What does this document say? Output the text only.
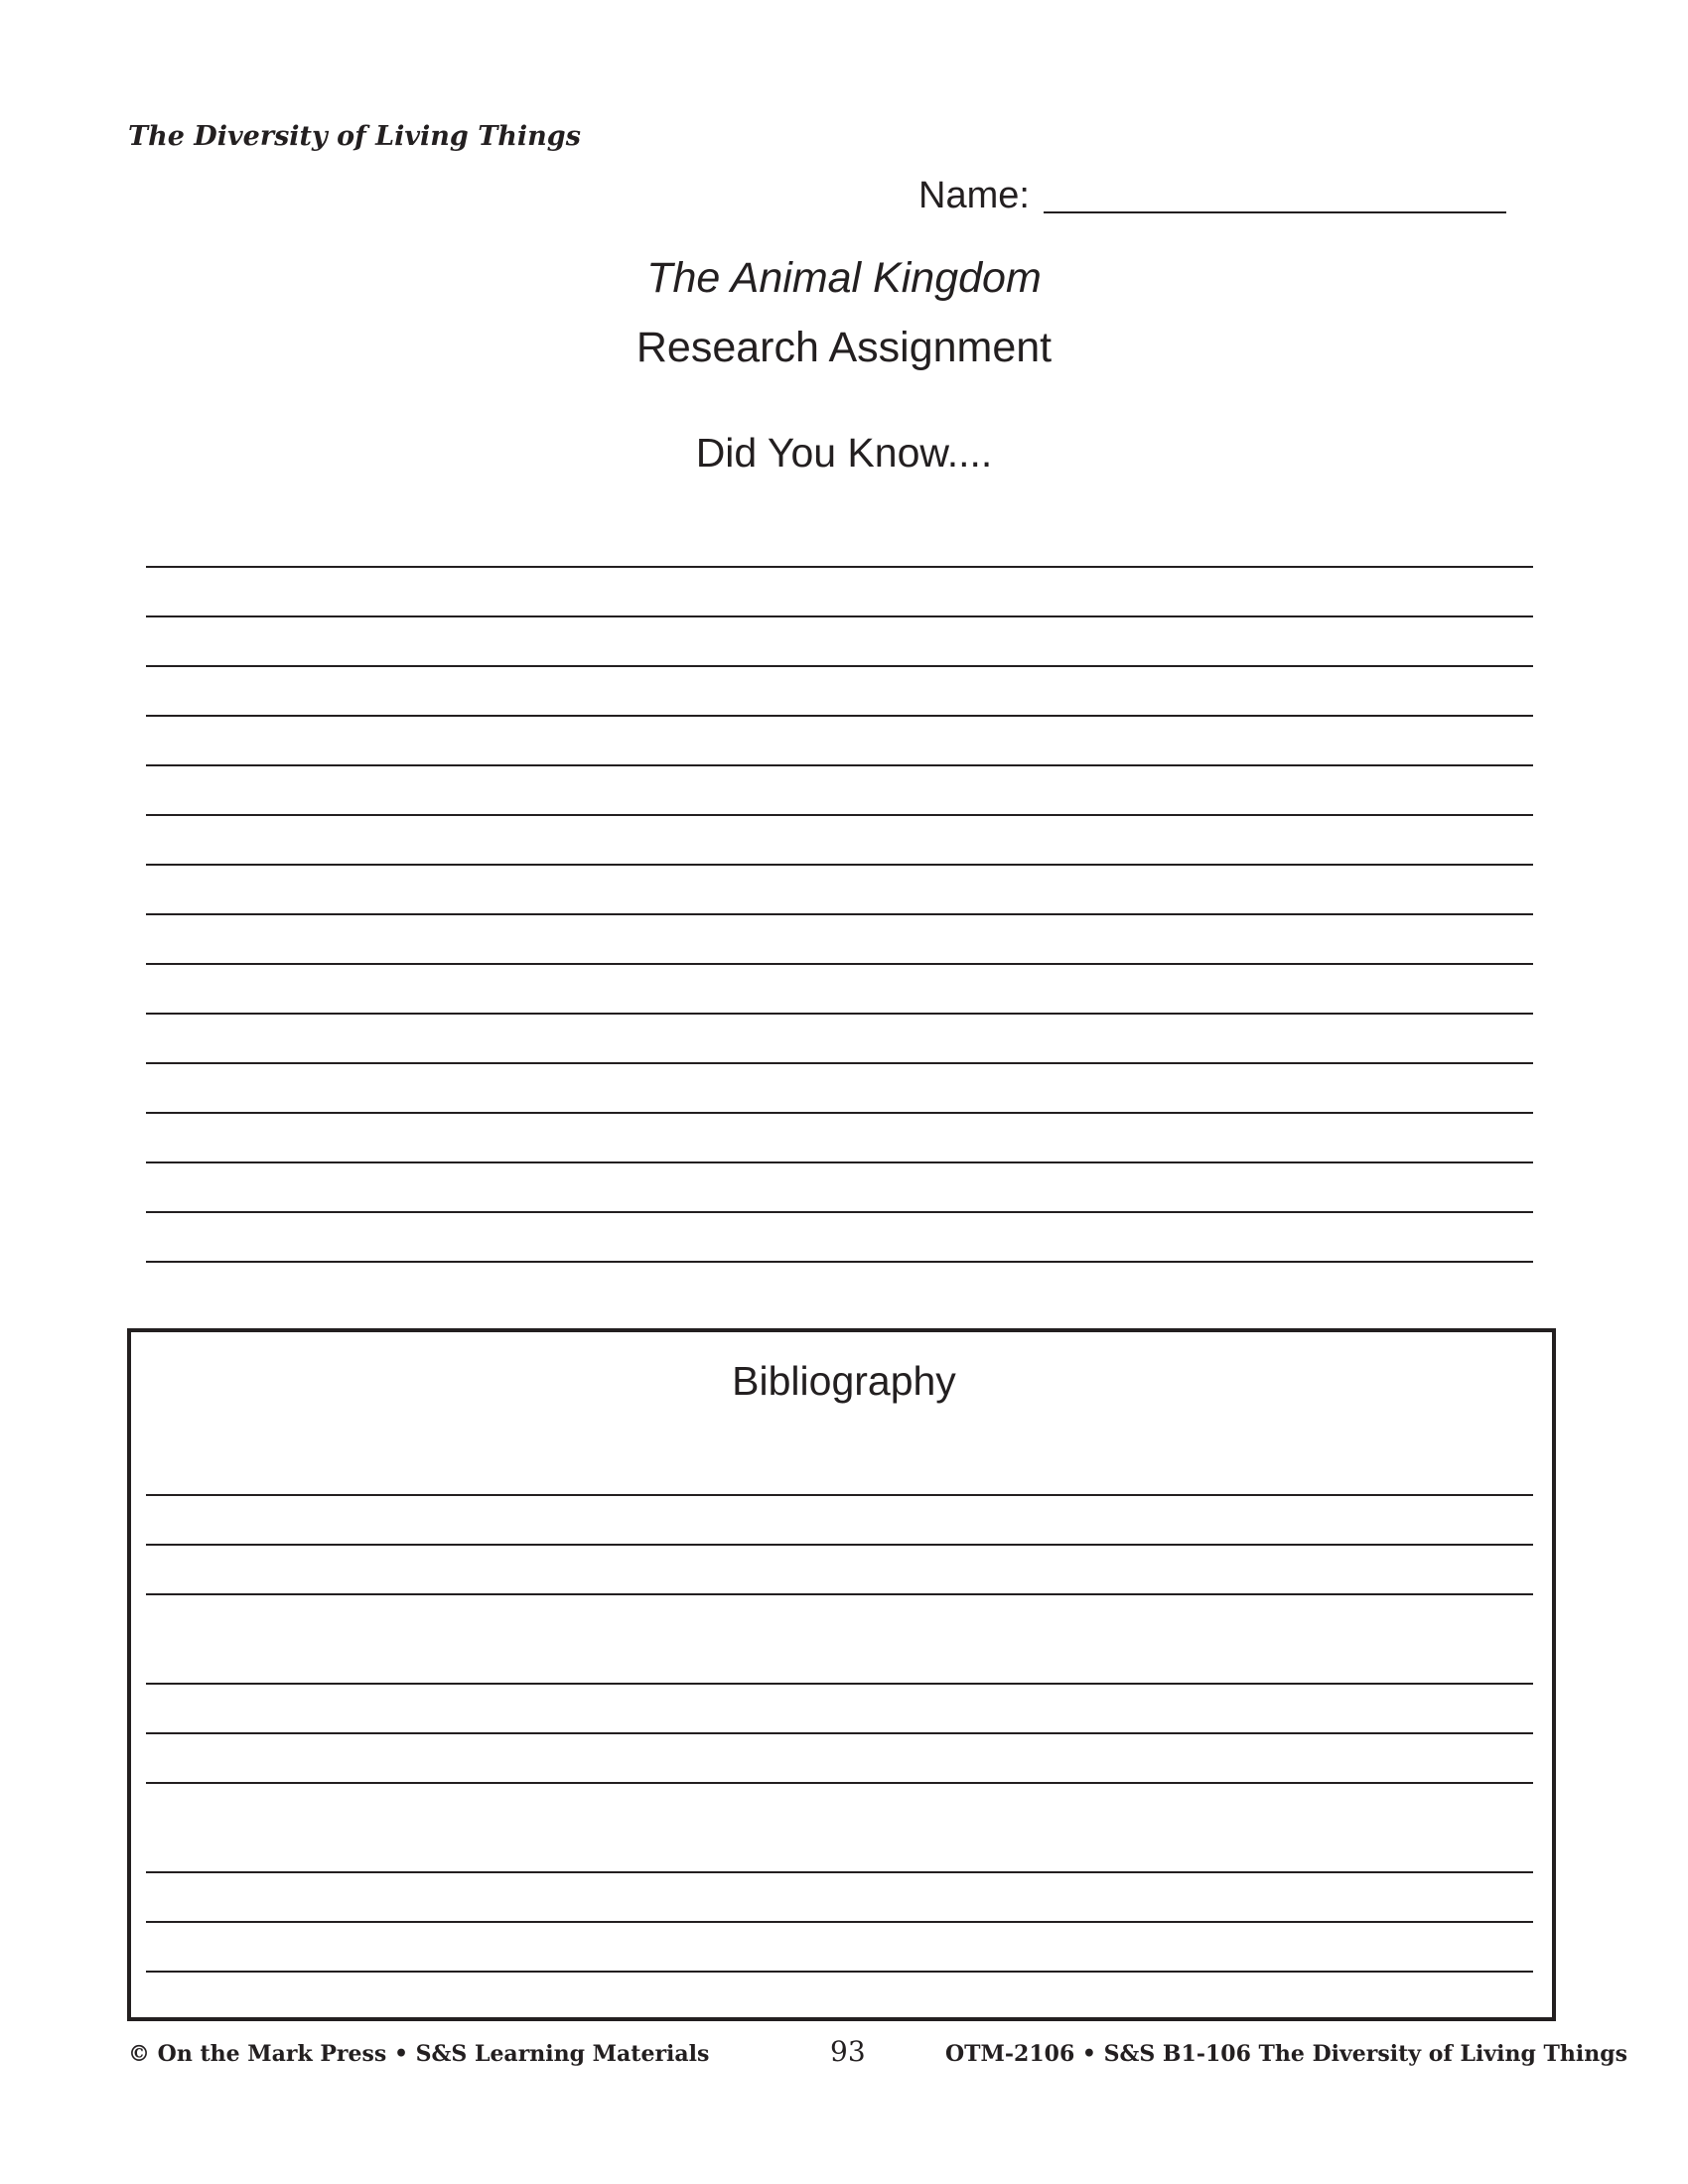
The Diversity of Living Things
Name:
The Animal Kingdom
Research Assignment
Did You Know....
Bibliography
© On the Mark Press • S&S Learning Materials	93	OTM-2106 • S&S B1-106 The Diversity of Living Things
